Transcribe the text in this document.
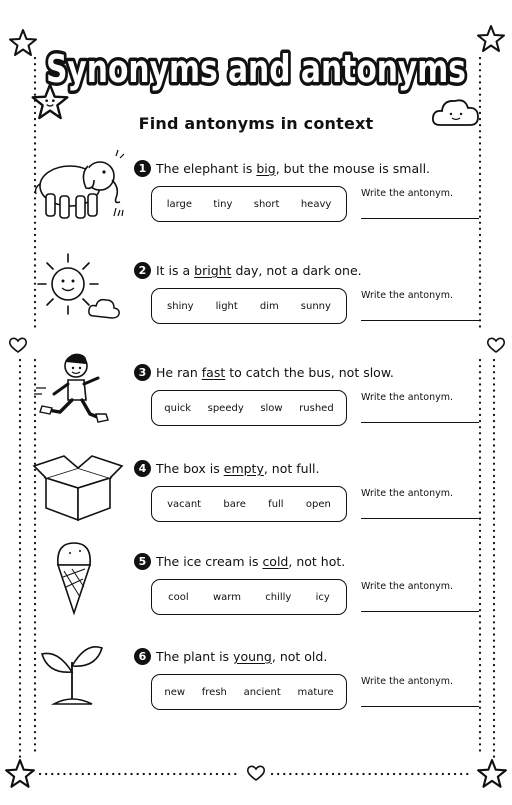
Synonyms and antonyms
Find antonyms in context
1 The elephant is big, but the mouse is small.
large tiny short heavy
Write the antonym.
2 It is a bright day, not a dark one.
shiny light dim sunny
Write the antonym.
3 He ran fast to catch the bus, not slow.
quick speedy slow rushed
Write the antonym.
4 The box is empty, not full.
vacant bare full open
Write the antonym.
5 The ice cream is cold, not hot.
cool warm chilly icy
Write the antonym.
6 The plant is young, not old.
new fresh ancient mature
Write the antonym.
